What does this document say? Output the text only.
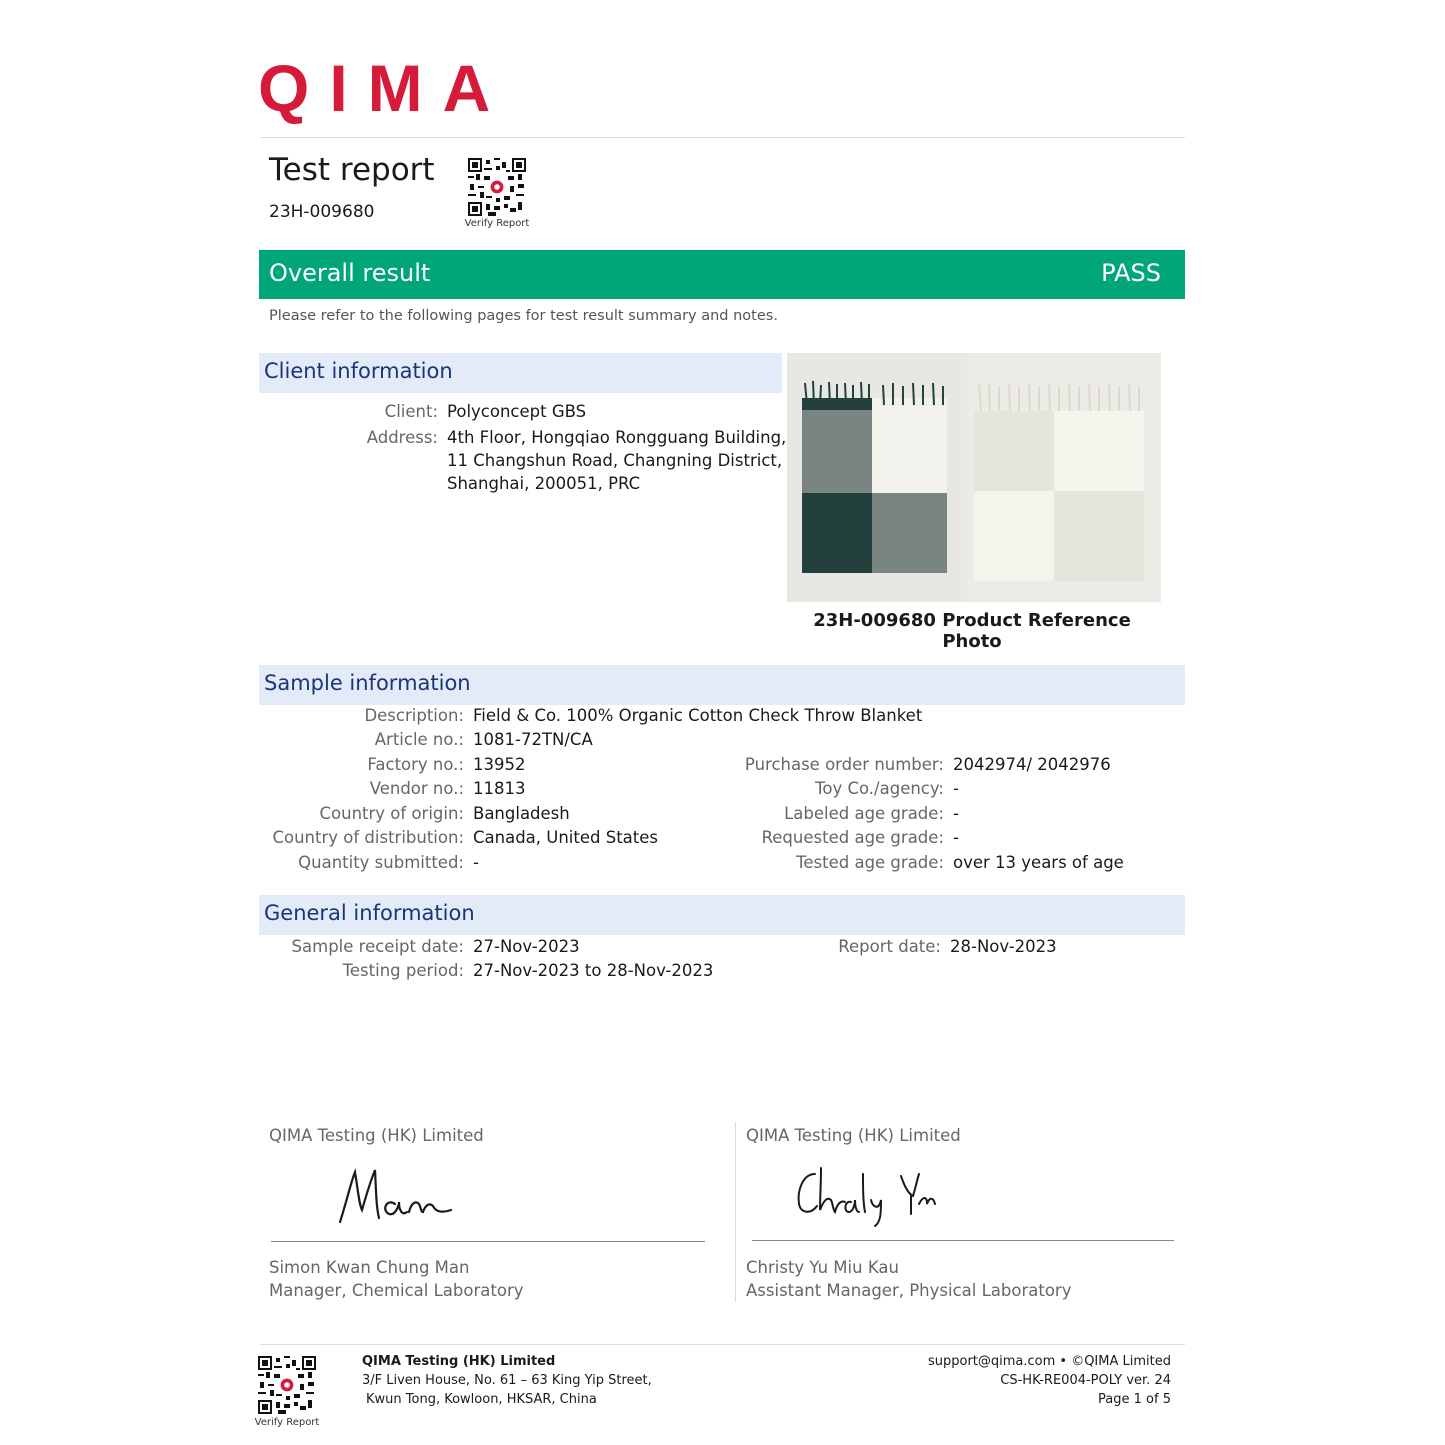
QIMA
Test report
23H-009680
Verify Report
Overall result	PASS
Please refer to the following pages for test result summary and notes.
Client information
Client: Polyconcept GBS
Address: 4th Floor, Hongqiao Rongguang Building,
11 Changshun Road, Changning District,
Shanghai, 200051, PRC
23H-009680 Product Reference Photo
Sample information
Description: Field & Co. 100% Organic Cotton Check Throw Blanket
Article no.: 1081-72TN/CA
Factory no.: 13952
Vendor no.: 11813
Country of origin: Bangladesh
Country of distribution: Canada, United States
Quantity submitted: -
Purchase order number: 2042974/ 2042976
Toy Co./agency: -
Labeled age grade: -
Requested age grade: -
Tested age grade: over 13 years of age
General information
Sample receipt date: 27-Nov-2023
Testing period: 27-Nov-2023 to 28-Nov-2023
Report date: 28-Nov-2023
QIMA Testing (HK) Limited
Simon Kwan Chung Man
Manager, Chemical Laboratory
QIMA Testing (HK) Limited
Christy Yu Miu Kau
Assistant Manager, Physical Laboratory
Verify Report
QIMA Testing (HK) Limited
3/F Liven House, No. 61 – 63 King Yip Street,
Kwun Tong, Kowloon, HKSAR, China
support@qima.com • ©QIMA Limited
CS-HK-RE004-POLY ver. 24
Page 1 of 5
